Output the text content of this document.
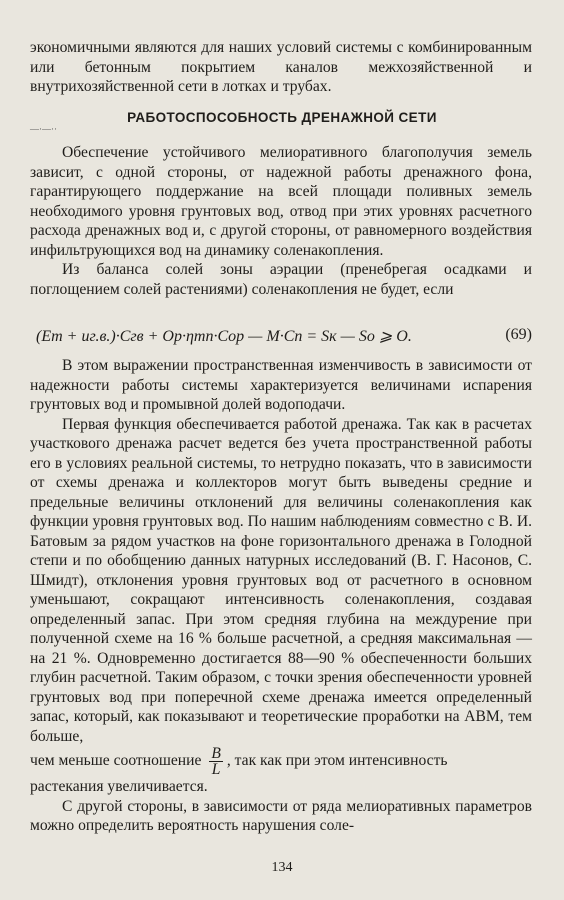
экономичными являются для наших условий системы с комбинированным или бетонным покрытием каналов межхозяйственной и внутрихозяйственной сети в лотках и трубах.

—·—··
РАБОТОСПОСОБНОСТЬ ДРЕНАЖНОЙ СЕТИ

Обеспечение устойчивого мелиоративного благополучия земель зависит, с одной стороны, от надежной работы дренажного фона, гарантирующего поддержание на всей площади поливных земель необходимого уровня грунтовых вод, отвод при этих уровнях расчетного расхода дренажных вод и, с другой стороны, от равномерного воздействия инфильтрующихся вод на динамику соленакопления.

Из баланса солей зоны аэрации (пренебрегая осадками и поглощением солей растениями) соленакопления не будет, если

(Eт + uг.в.)·Cгв + Oр·ηmn·Cор — M·Cп = Sк — Sо ⩾ O.	(69)

В этом выражении пространственная изменчивость в зависимости от надежности работы системы характеризуется величинами испарения грунтовых вод и промывной долей водоподачи.

Первая функция обеспечивается работой дренажа. Так как в расчетах участкового дренажа расчет ведется без учета пространственной работы его в условиях реальной системы, то нетрудно показать, что в зависимости от схемы дренажа и коллекторов могут быть выведены средние и предельные величины отклонений для величины соленакопления как функции уровня грунтовых вод. По нашим наблюдениям совместно с В. И. Батовым за рядом участков на фоне горизонтального дренажа в Голодной степи и по обобщению данных натурных исследований (В. Г. Насонов, С. Шмидт), отклонения уровня грунтовых вод от расчетного в основном уменьшают, сокращают интенсивность соленакопления, создавая определенный запас. При этом средняя глубина на междурение при полученной схеме на 16 % больше расчетной, а средняя максимальная — на 21 %. Одновременно достигается 88—90 % обеспеченности больших глубин расчетной. Таким образом, с точки зрения обеспеченности уровней грунтовых вод при поперечной схеме дренажа имеется определенный запас, который, как показывают и теоретические проработки на АВМ, тем больше,

чем меньше соотношение $\frac{B}{L}$ , так как при этом интенсивность

растекания увеличивается.

С другой стороны, в зависимости от ряда мелиоративных параметров можно определить вероятность нарушения соле-

134
